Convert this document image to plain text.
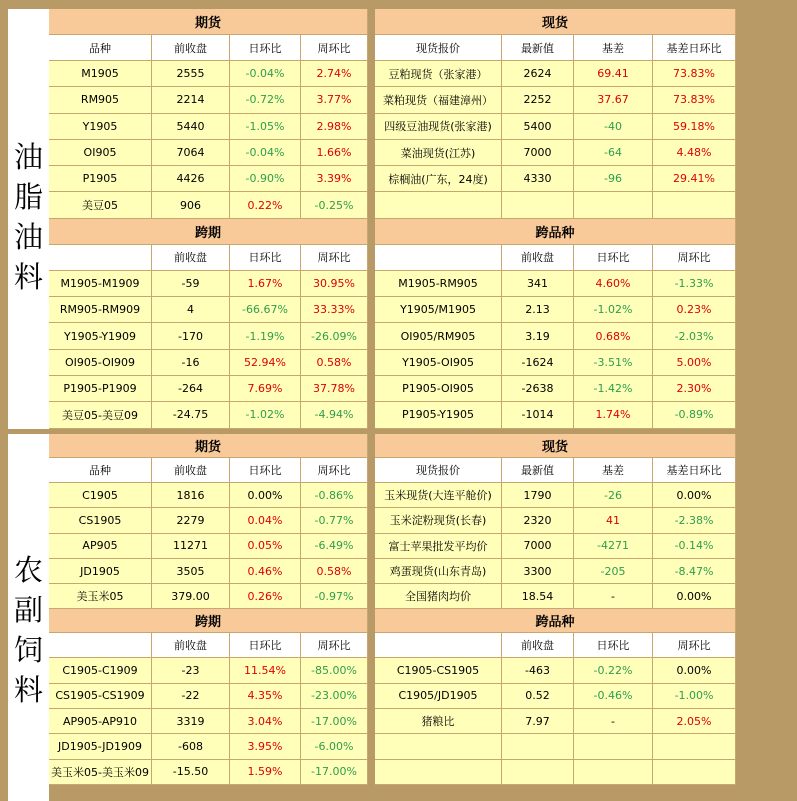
油
脂
油
料
期货					现货			
品种	前收盘	日环比	周环比		现货报价	最新值	基差	基差日环比
M1905	2555	-0.04%	2.74%		豆粕现货（张家港）	2624	69.41	73.83%
RM905	2214	-0.72%	3.77%		菜粕现货（福建漳州）	2252	37.67	73.83%
Y1905	5440	-1.05%	2.98%		四级豆油现货(张家港)	5400	-40	59.18%
OI905	7064	-0.04%	1.66%		菜油现货(江苏)	7000	-64	4.48%
P1905	4426	-0.90%	3.39%		棕榈油(广东，24度)	4330	-96	29.41%
美豆05	906	0.22%	-0.25%					
跨期					跨品种			
	前收盘	日环比	周环比			前收盘	日环比	周环比
M1905-M1909	-59	1.67%	30.95%		M1905-RM905	341	4.60%	-1.33%
RM905-RM909	4	-66.67%	33.33%		Y1905/M1905	2.13	-1.02%	0.23%
Y1905-Y1909	-170	-1.19%	-26.09%		OI905/RM905	3.19	0.68%	-2.03%
OI905-OI909	-16	52.94%	0.58%		Y1905-OI905	-1624	-3.51%	5.00%
P1905-P1909	-264	7.69%	37.78%		P1905-OI905	-2638	-1.42%	2.30%
美豆05-美豆09	-24.75	-1.02%	-4.94%		P1905-Y1905	-1014	1.74%	-0.89%
农
副
饲
料
期货					现货			
品种	前收盘	日环比	周环比		现货报价	最新值	基差	基差日环比
C1905	1816	0.00%	-0.86%		玉米现货(大连平舱价)	1790	-26	0.00%
CS1905	2279	0.04%	-0.77%		玉米淀粉现货(长春)	2320	41	-2.38%
AP905	11271	0.05%	-6.49%		富士苹果批发平均价	7000	-4271	-0.14%
JD1905	3505	0.46%	0.58%		鸡蛋现货(山东青岛)	3300	-205	-8.47%
美玉米05	379.00	0.26%	-0.97%		全国猪肉均价	18.54	-	0.00%
跨期					跨品种			
	前收盘	日环比	周环比			前收盘	日环比	周环比
C1905-C1909	-23	11.54%	-85.00%		C1905-CS1905	-463	-0.22%	0.00%
CS1905-CS1909	-22	4.35%	-23.00%		C1905/JD1905	0.52	-0.46%	-1.00%
AP905-AP910	3319	3.04%	-17.00%		猪粮比	7.97	-	2.05%
JD1905-JD1909	-608	3.95%	-6.00%					
美玉米05-美玉米09	-15.50	1.59%	-17.00%					
